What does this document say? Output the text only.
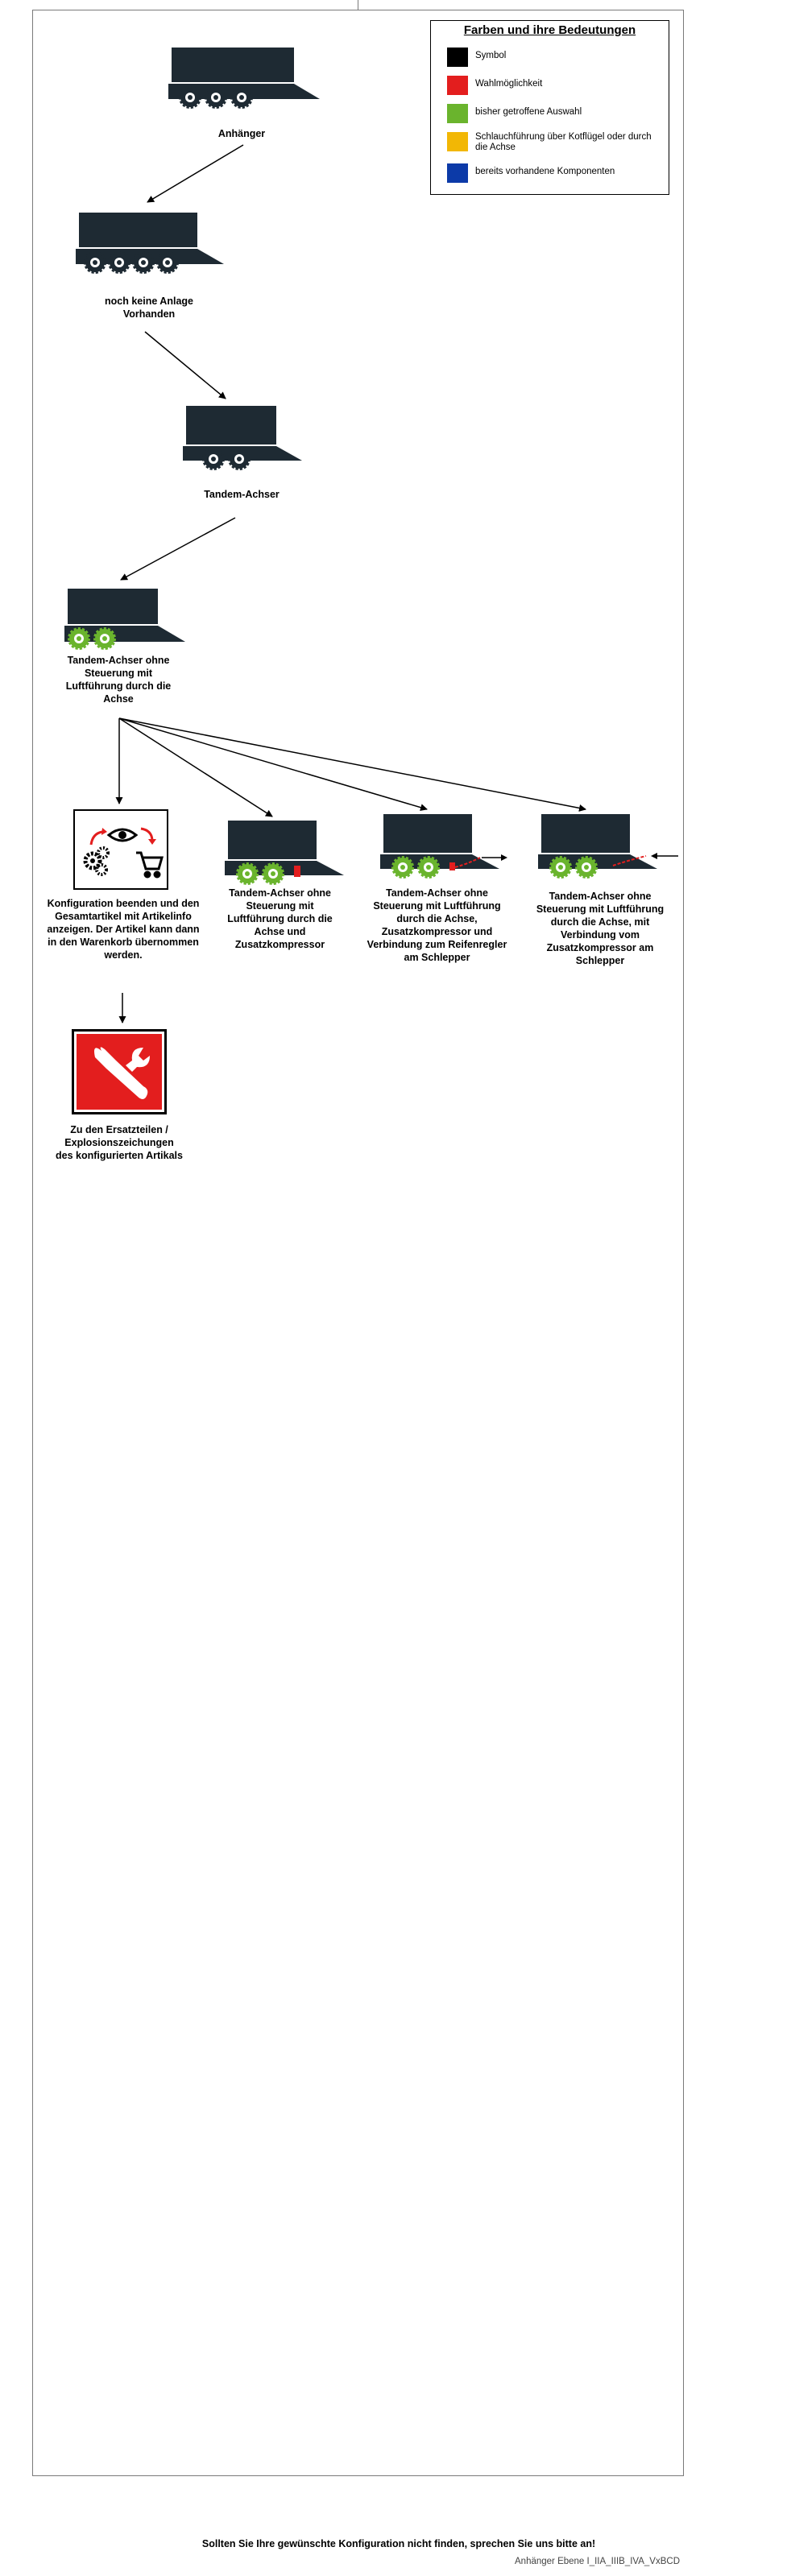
Farben und ihre Bedeutungen
Symbol
Wahlmöglichkeit
bisher getroffene Auswahl
Schlauchführung über Kotflügel oder durch die Achse
bereits vorhandene Komponenten
Anhänger
noch keine Anlage Vorhanden
Tandem-Achser
Tandem-Achser ohne Steuerung mit Luftführung durch die Achse
Konfiguration beenden und den Gesamtartikel mit Artikelinfo anzeigen. Der Artikel kann dann in den Warenkorb übernommen werden.
Zu den Ersatzteilen / Explosionszeichungen des konfigurierten Artikals
Tandem-Achser ohne Steuerung mit Luftführung durch die Achse und Zusatzkompressor
Tandem-Achser ohne Steuerung mit Luftführung durch die Achse, Zusatzkompressor und Verbindung zum Reifenregler am Schlepper
Tandem-Achser ohne Steuerung mit Luftführung durch die Achse, mit Verbindung vom Zusatzkompressor am Schlepper
Sollten Sie Ihre gewünschte Konfiguration nicht finden, sprechen Sie uns bitte an!
Anhänger Ebene I_IIA_IIIB_IVA_VxBCD
